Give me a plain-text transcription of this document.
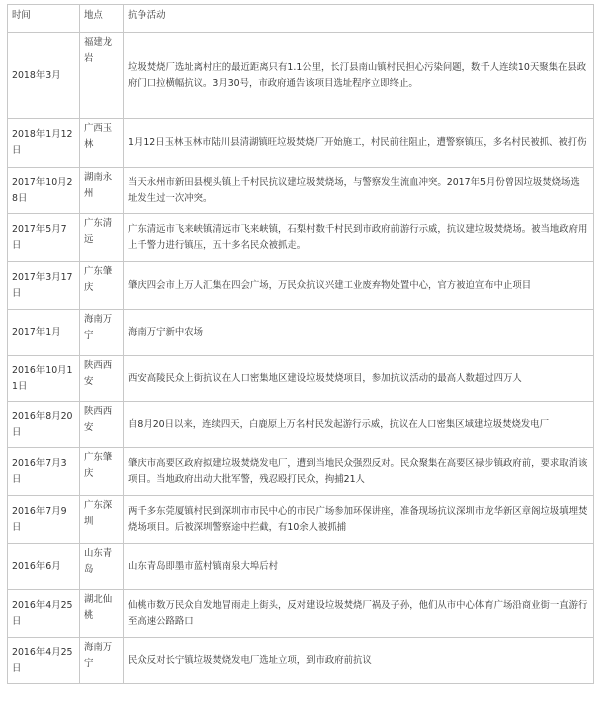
时间	地点	抗争活动
2018年3月	福建龙岩	垃圾焚烧厂选址离村庄的最近距离只有1.1公里，长汀县南山镇村民担心污染问题，数千人连续10天聚集在县政府门口拉横幅抗议。3月30号，市政府通告该项目选址程序立即终止。
2018年1月12日	广西玉林	1月12日玉林玉林市陆川县清湖镇旺垃圾焚烧厂开始施工，村民前往阻止，遭警察镇压，多名村民被抓、被打伤
2017年10月28日	湖南永州	当天永州市新田县枧头镇上千村民抗议建垃圾焚烧场，与警察发生流血冲突。2017年5月份曾因垃圾焚烧场选址发生过一次冲突。
2017年5月7日	广东清远	广东清远市飞来峡镇清远市飞来峡镇，石梨村数千村民到市政府前游行示威，抗议建垃圾焚烧场。被当地政府用上千警力进行镇压，五十多名民众被抓走。
2017年3月17日	广东肇庆	肇庆四会市上万人汇集在四会广场，万民众抗议兴建工业废弃物处置中心，官方被迫宣布中止项目
2017年1月	海南万宁	海南万宁新中农场
2016年10月11日	陕西西安	西安高陵民众上街抗议在人口密集地区建设垃圾焚烧项目，参加抗议活动的最高人数超过四万人
2016年8月20日	陕西西安	自8月20日以来，连续四天，白鹿原上万名村民发起游行示威，抗议在人口密集区域建垃圾焚烧发电厂
2016年7月3日	广东肇庆	肇庆市高要区政府拟建垃圾焚烧发电厂，遭到当地民众强烈反对。民众聚集在高要区禄步镇政府前，要求取消该项目。当地政府出动大批军警，残忍殴打民众，拘捕21人
2016年7月9日	广东深圳	两千多东莞厦镇村民到深圳市市民中心的市民广场参加环保讲座，准备现场抗议深圳市龙华新区章阁垃圾填埋焚烧场项目。后被深圳警察途中拦截，有10余人被抓捕
2016年6月	山东青岛	山东青岛即墨市蓝村镇南泉大埠后村
2016年4月25日	湖北仙桃	仙桃市数万民众自发地冒雨走上街头，反对建设垃圾焚烧厂祸及子孙，他们从市中心体育广场沿商业街一直游行至高速公路路口
2016年4月25日	海南万宁	民众反对长宁镇垃圾焚烧发电厂选址立项，到市政府前抗议
